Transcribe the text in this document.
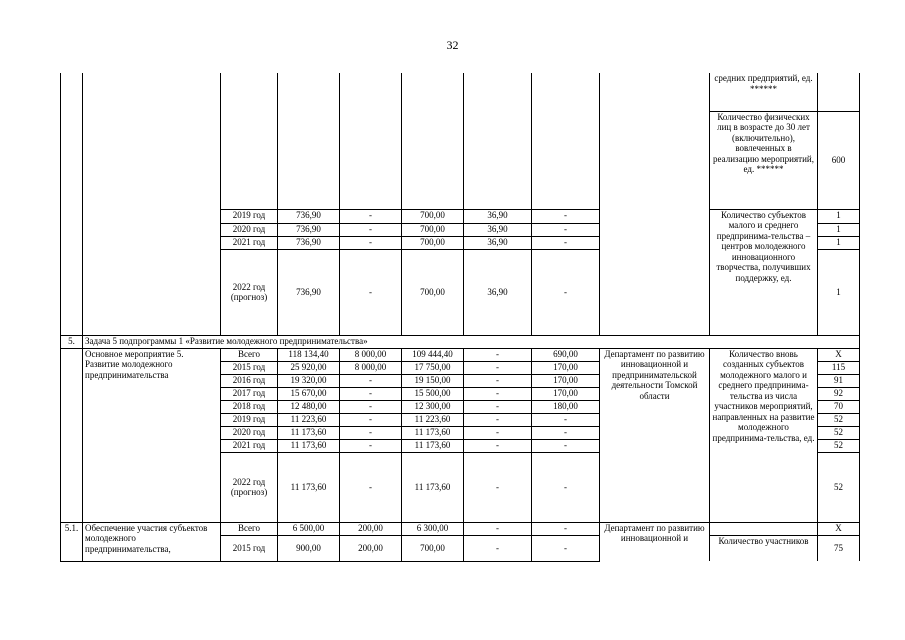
32
									средних предприятий, ед. ******	
									Количество физических лиц в возрасте до 30 лет (включительно), вовлеченных в реализацию мероприятий, ед. ******	600
		2019 год	736,90	-	700,00	36,90	-		Количество субъектов малого и среднего предпринима-тельства – центров молодежного инновационного творчества, получивших поддержку, ед.	1
		2020 год	736,90	-	700,00	36,90	-			1
		2021 год	736,90	-	700,00	36,90	-			1
		2022 год (прогноз)	736,90	-	700,00	36,90	-			1
5.	Задача 5 подпрограммы 1 «Развитие молодежного предпринимательства»									
	Основное мероприятие 5. Развитие молодежного предпринимательства	Всего	118 134,40	8 000,00	109 444,40	-	690,00	Департамент по развитию инновационной и предпринимательской деятельности Томской области	Количество вновь созданных субъектов молодежного малого и среднего предпринима-тельства из числа участников мероприятий, направленных на развитие молодежного предпринима-тельства, ед.	X
		2015 год	25 920,00	8 000,00	17 750,00	-	170,00			115
		2016 год	19 320,00	-	19 150,00	-	170,00			91
		2017 год	15 670,00	-	15 500,00	-	170,00			92
		2018 год	12 480,00	-	12 300,00	-	180,00			70
		2019 год	11 223,60	-	11 223,60	-	-			52
		2020 год	11 173,60	-	11 173,60	-	-			52
		2021 год	11 173,60	-	11 173,60	-	-			52
		2022 год (прогноз)	11 173,60	-	11 173,60	-	-			52
5.1.	Обеспечение участия субъектов молодежного предпринимательства,	Всего	6 500,00	200,00	6 300,00	-	-	Департамент по развитию инновационной и		X
		2015 год	900,00	200,00	700,00	-	-		Количество участников	75
